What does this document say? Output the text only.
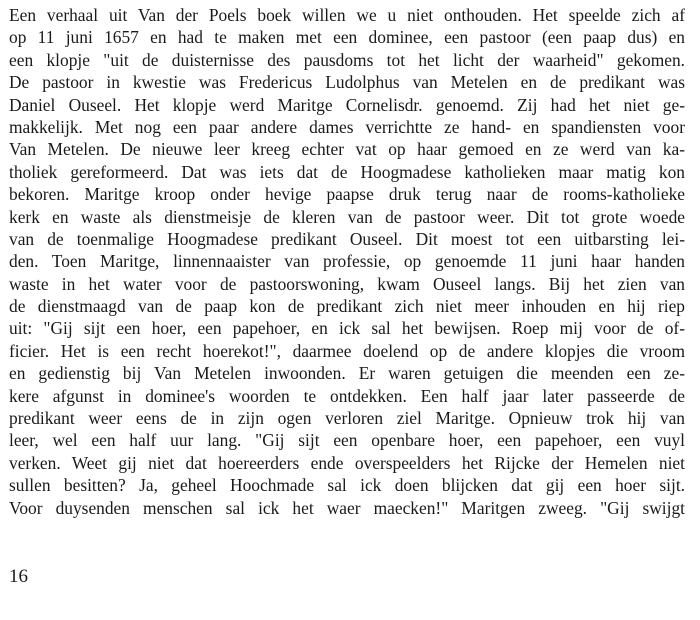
Een verhaal uit Van der Poels boek willen we u niet onthouden. Het speelde zich af
op 11 juni 1657 en had te maken met een dominee, een pastoor (een paap dus) en
een klopje "uit de duisternisse des pausdoms tot het licht der waarheid" gekomen.
De pastoor in kwestie was Fredericus Ludolphus van Metelen en de predikant was
Daniel Ouseel. Het klopje werd Maritge Cornelisdr. genoemd. Zij had het niet ge-
makkelijk. Met nog een paar andere dames verrichtte ze hand- en spandiensten voor
Van Metelen. De nieuwe leer kreeg echter vat op haar gemoed en ze werd van ka-
tholiek gereformeerd. Dat was iets dat de Hoogmadese katholieken maar matig kon
bekoren. Maritge kroop onder hevige paapse druk terug naar de rooms-katholieke
kerk en waste als dienstmeisje de kleren van de pastoor weer. Dit tot grote woede
van de toenmalige Hoogmadese predikant Ouseel. Dit moest tot een uitbarsting lei-
den. Toen Maritge, linnennaaister van professie, op genoemde 11 juni haar handen
waste in het water voor de pastoorswoning, kwam Ouseel langs. Bij het zien van
de dienstmaagd van de paap kon de predikant zich niet meer inhouden en hij riep
uit: "Gij sijt een hoer, een papehoer, en ick sal het bewijsen. Roep mij voor de of-
ficier. Het is een recht hoerekot!", daarmee doelend op de andere klopjes die vroom
en gedienstig bij Van Metelen inwoonden. Er waren getuigen die meenden een ze-
kere afgunst in dominee's woorden te ontdekken. Een half jaar later passeerde de
predikant weer eens de in zijn ogen verloren ziel Maritge. Opnieuw trok hij van
leer, wel een half uur lang. "Gij sijt een openbare hoer, een papehoer, een vuyl
verken. Weet gij niet dat hoereerders ende overspeelders het Rijcke der Hemelen niet
sullen besitten? Ja, geheel Hoochmade sal ick doen blijcken dat gij een hoer sijt.
Voor duysenden menschen sal ick het waer maecken!" Maritgen zweeg. "Gij swijgt
16
